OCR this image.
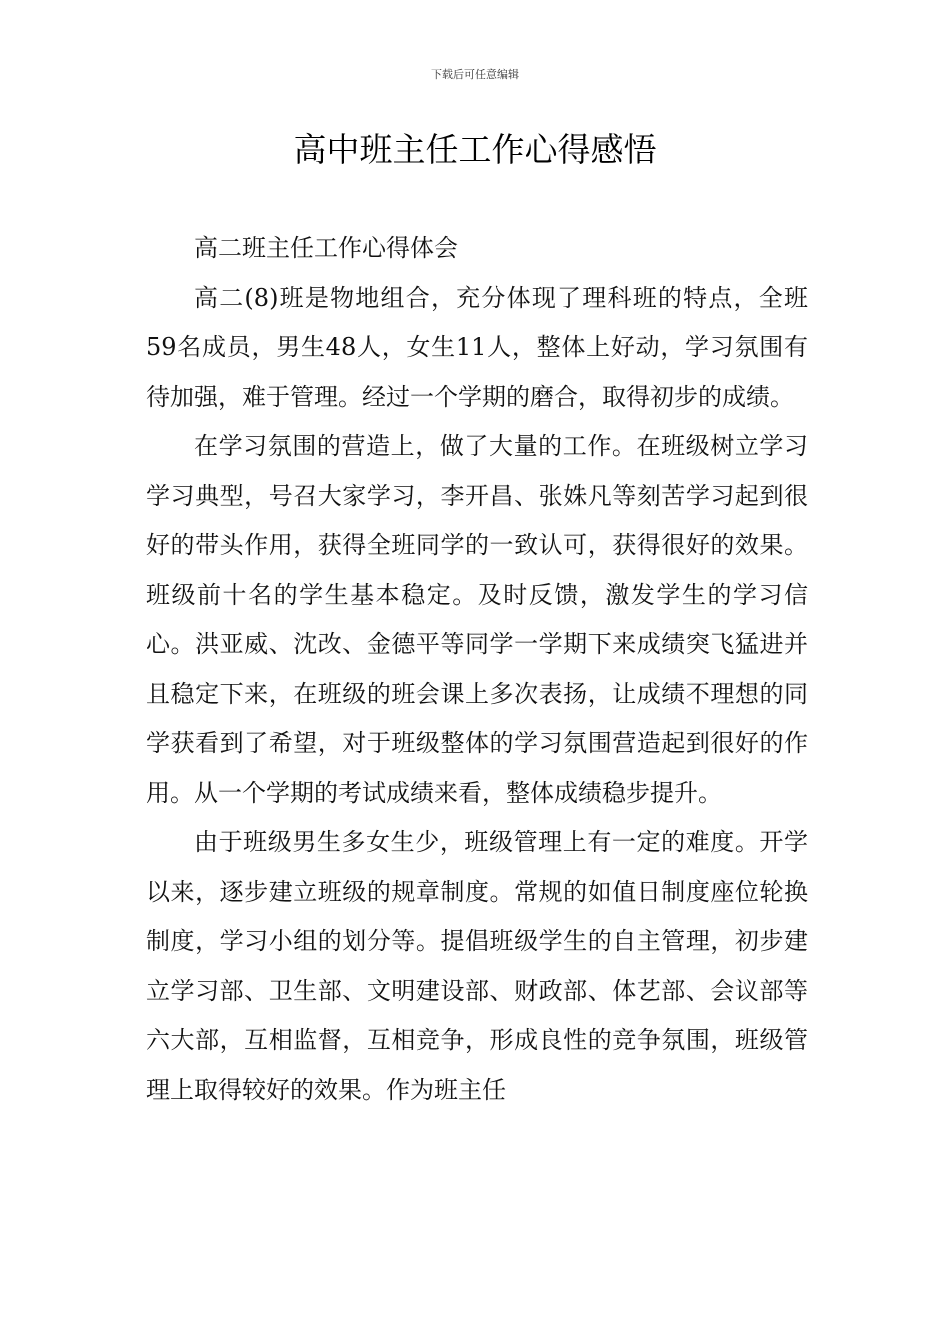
下载后可任意编辑
高中班主任工作心得感悟

高二班主任工作心得体会

高二(8)班是物地组合，充分体现了理科班的特点，全班59名成员，男生48人，女生11人，整体上好动，学习氛围有待加强，难于管理。经过一个学期的磨合，取得初步的成绩。

在学习氛围的营造上，做了大量的工作。在班级树立学习学习典型，号召大家学习，李开昌、张姝凡等刻苦学习起到很好的带头作用，获得全班同学的一致认可，获得很好的效果。班级前十名的学生基本稳定。及时反馈，激发学生的学习信心。洪亚威、沈改、金德平等同学一学期下来成绩突飞猛进并且稳定下来，在班级的班会课上多次表扬，让成绩不理想的同学获看到了希望，对于班级整体的学习氛围营造起到很好的作用。从一个学期的考试成绩来看，整体成绩稳步提升。

由于班级男生多女生少，班级管理上有一定的难度。开学以来，逐步建立班级的规章制度。常规的如值日制度座位轮换制度，学习小组的划分等。提倡班级学生的自主管理，初步建立学习部、卫生部、文明建设部、财政部、体艺部、会议部等六大部，互相监督，互相竞争，形成良性的竞争氛围，班级管理上取得较好的效果。作为班主任
